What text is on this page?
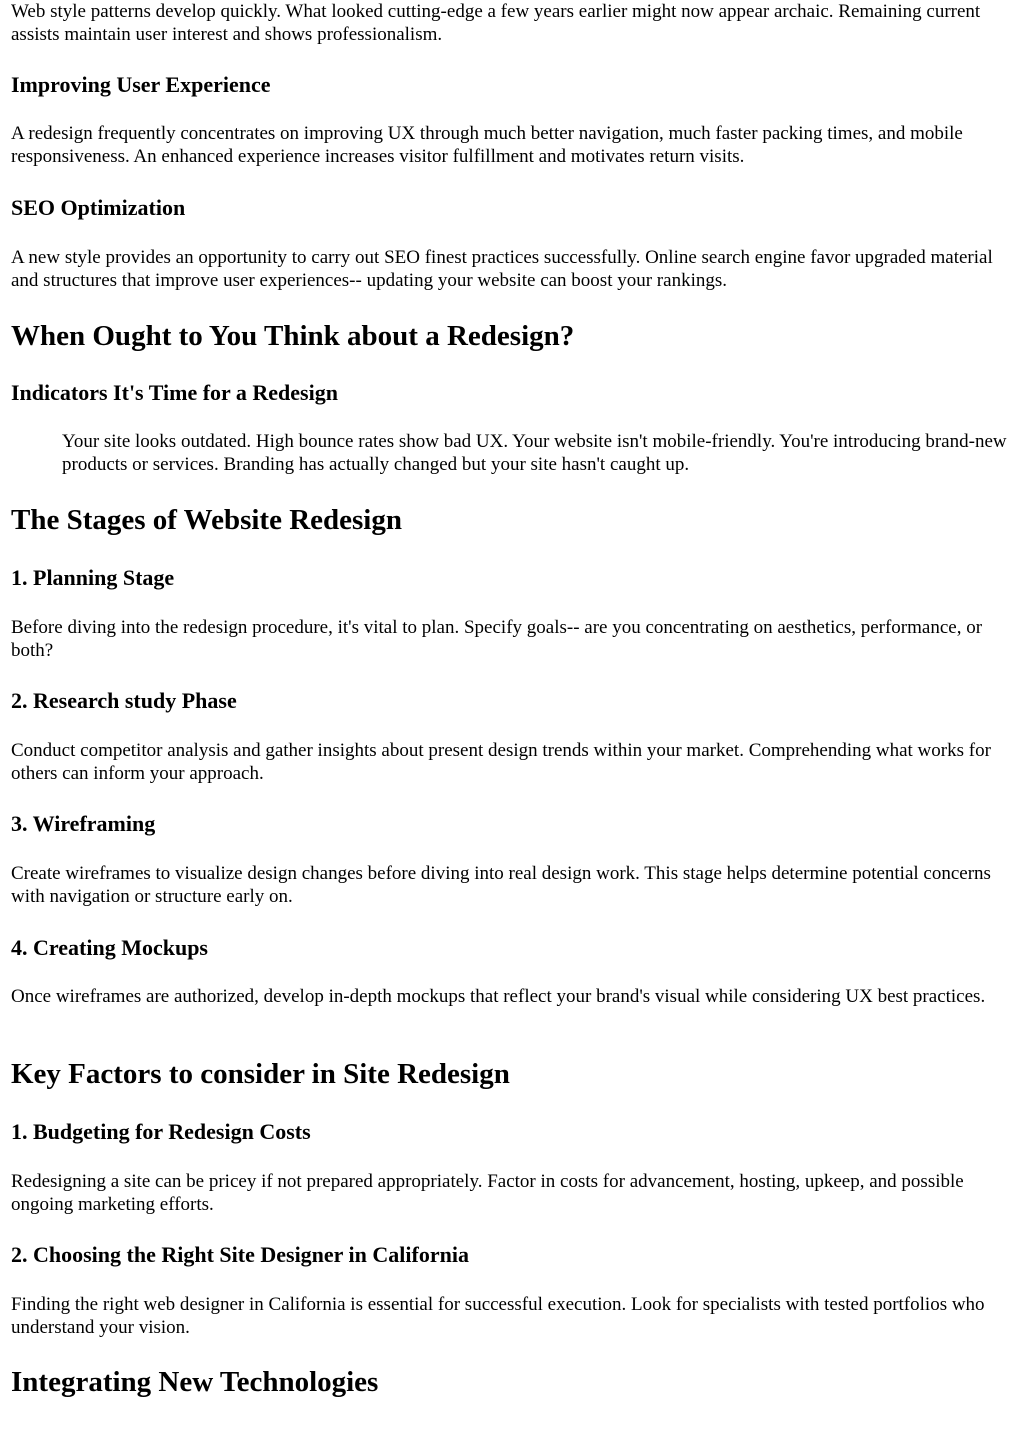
Web style patterns develop quickly. What looked cutting-edge a few years earlier might now appear archaic. Remaining current assists maintain user interest and shows professionalism.

Improving User Experience

A redesign frequently concentrates on improving UX through much better navigation, much faster packing times, and mobile responsiveness. An enhanced experience increases visitor fulfillment and motivates return visits.

SEO Optimization

A new style provides an opportunity to carry out SEO finest practices successfully. Online search engine favor upgraded material and structures that improve user experiences-- updating your website can boost your rankings.

When Ought to You Think about a Redesign?
Indicators It's Time for a Redesign
Your site looks outdated. High bounce rates show bad UX. Your website isn't mobile-friendly. You're introducing brand-new products or services. Branding has actually changed but your site hasn't caught up.
The Stages of Website Redesign
1. Planning Stage

Before diving into the redesign procedure, it's vital to plan. Specify goals-- are you concentrating on aesthetics, performance, or both?

2. Research study Phase

Conduct competitor analysis and gather insights about present design trends within your market. Comprehending what works for others can inform your approach.

3. Wireframing

Create wireframes to visualize design changes before diving into real design work. This stage helps determine potential concerns with navigation or structure early on.

4. Creating Mockups

Once wireframes are authorized, develop in-depth mockups that reflect your brand's visual while considering UX best practices.

Key Factors to consider in Site Redesign
1. Budgeting for Redesign Costs

Redesigning a site can be pricey if not prepared appropriately. Factor in costs for advancement, hosting, upkeep, and possible ongoing marketing efforts.

2. Choosing the Right Site Designer in California

Finding the right web designer in California is essential for successful execution. Look for specialists with tested portfolios who understand your vision.

Integrating New Technologies
